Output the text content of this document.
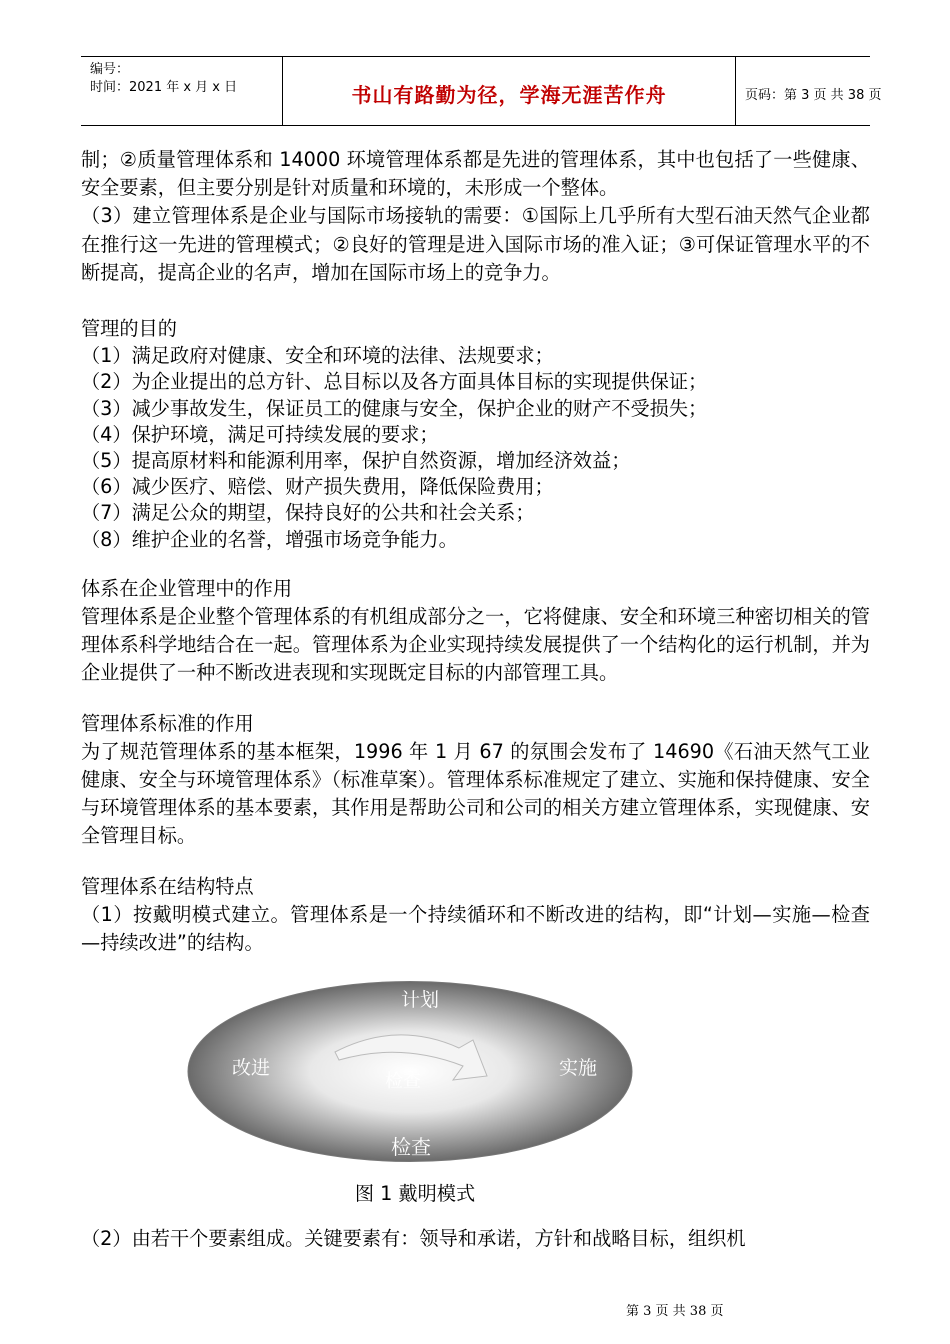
编号：
时间：2021 年 x 月 x 日	书山有路勤为径，学海无涯苦作舟	页码：第 3 页 共 38 页

制；②质量管理体系和 14000 环境管理体系都是先进的管理体系，其中也包括了一些健康、安全要素，但主要分别是针对质量和环境的，未形成一个整体。

（3）建立管理体系是企业与国际市场接轨的需要：①国际上几乎所有大型石油天然气企业都在推行这一先进的管理模式；②良好的管理是进入国际市场的准入证；③可保证管理水平的不断提高，提高企业的名声，增加在国际市场上的竞争力。

管理的目的

（1）满足政府对健康、安全和环境的法律、法规要求；

（2）为企业提出的总方针、总目标以及各方面具体目标的实现提供保证；

（3）减少事故发生，保证员工的健康与安全，保护企业的财产不受损失；

（4）保护环境，满足可持续发展的要求；

（5）提高原材料和能源利用率，保护自然资源，增加经济效益；

（6）减少医疗、赔偿、财产损失费用，降低保险费用；

（7）满足公众的期望，保持良好的公共和社会关系；

（8）维护企业的名誉，增强市场竞争能力。

体系在企业管理中的作用

管理体系是企业整个管理体系的有机组成部分之一，它将健康、安全和环境三种密切相关的管理体系科学地结合在一起。管理体系为企业实现持续发展提供了一个结构化的运行机制，并为企业提供了一种不断改进表现和实现既定目标的内部管理工具。

管理体系标准的作用

为了规范管理体系的基本框架，1996 年 1 月 67 的氛围会发布了 14690《石油天然气工业健康、安全与环境管理体系》（标准草案）。管理体系标准规定了建立、实施和保持健康、安全与环境管理体系的基本要素，其作用是帮助公司和公司的相关方建立管理体系，实现健康、安全管理目标。

管理体系在结构特点

（1）按戴明模式建立。管理体系是一个持续循环和不断改进的结构，即“计划—实施—检查—持续改进”的结构。

计划
改进	实施
检查
检查
图 1 戴明模式
（2）由若干个要素组成。关键要素有：领导和承诺，方针和战略目标，组织机
第 3 页 共 38 页
